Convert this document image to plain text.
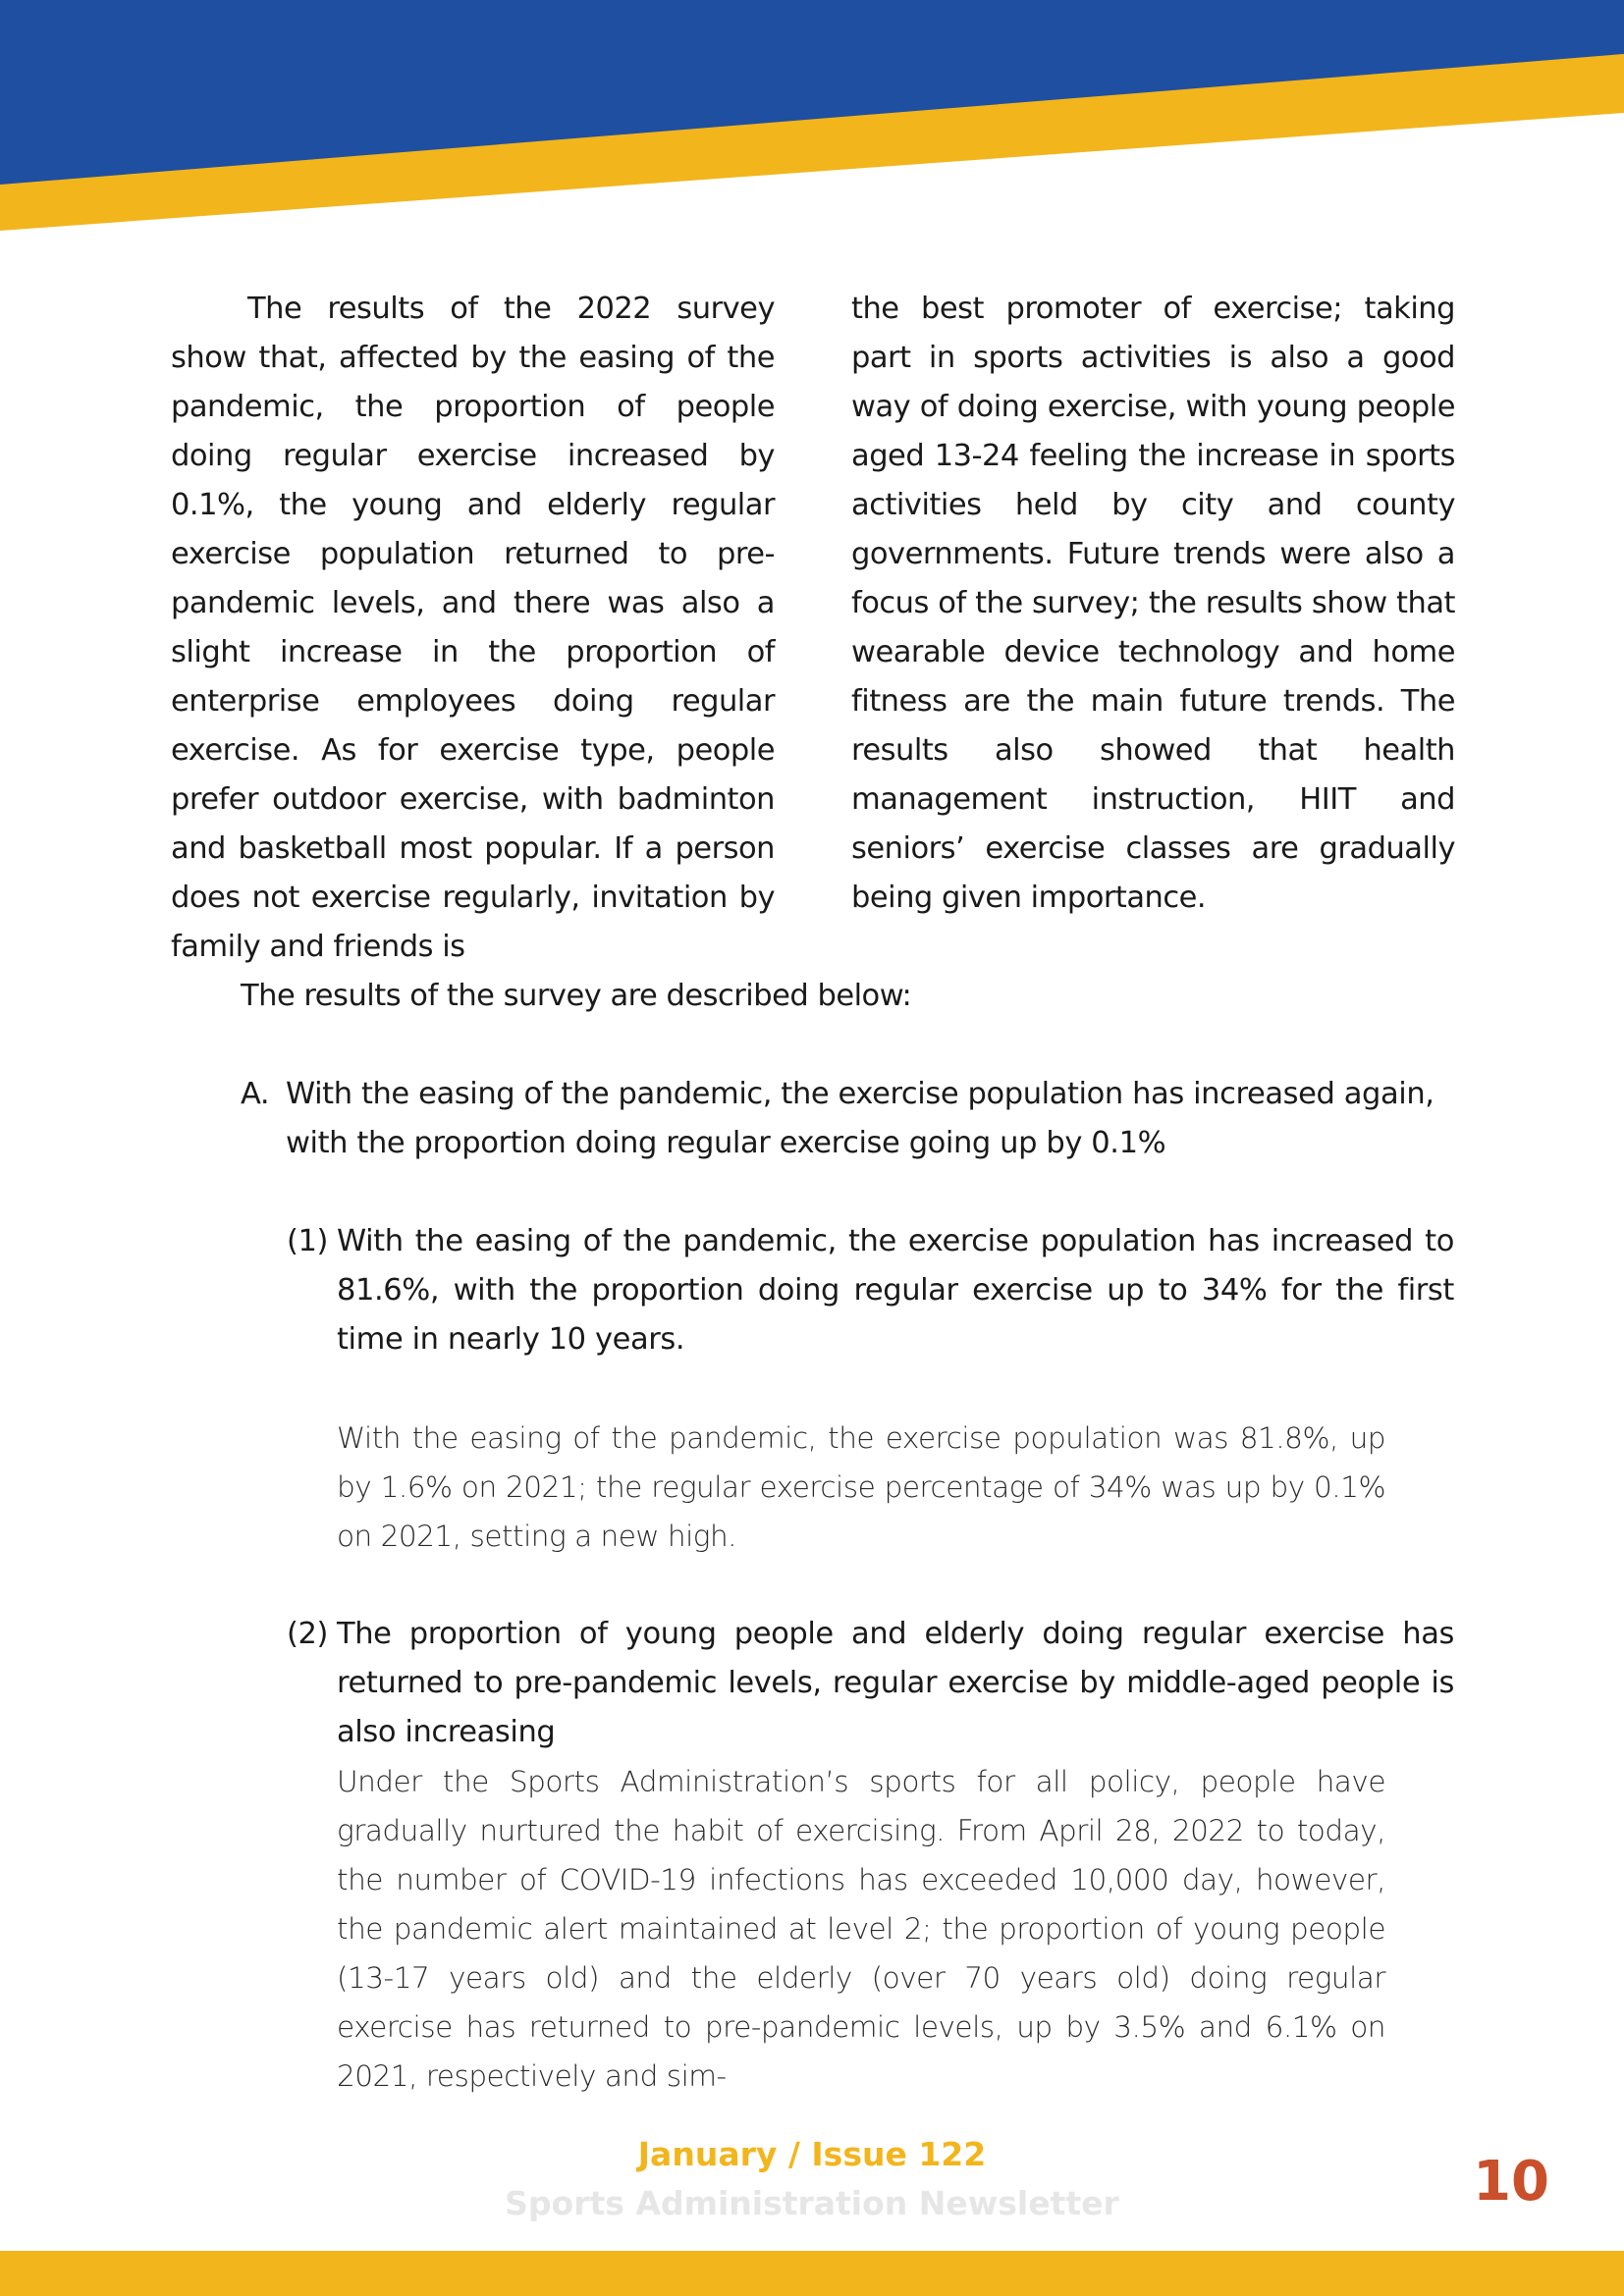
The results of the 2022 survey show that, affected by the easing of the pandemic, the proportion of people doing regular exercise increased by 0.1%, the young and elderly regular exercise population returned to pre-pandemic levels, and there was also a slight increase in the proportion of enterprise employees doing regular exercise. As for exercise type, people prefer outdoor exercise, with badminton and basketball most popular. If a person does not exercise regularly, invitation by family and friends is
the best promoter of exercise; taking part in sports activities is also a good way of doing exercise, with young people aged 13-24 feeling the increase in sports activities held by city and county governments. Future trends were also a focus of the survey; the results show that wearable device technology and home fitness are the main future trends. The results also showed that health management instruction, HIIT and seniors’ exercise classes are gradually being given importance.
The results of the survey are described below:
A. With the easing of the pandemic, the exercise population has increased again, with the proportion doing regular exercise going up by 0.1%
(1) With the easing of the pandemic, the exercise population has increased to 81.6%, with the proportion doing regular exercise up to 34% for the first time in nearly 10 years.
With the easing of the pandemic, the exercise population was 81.8%, up by 1.6% on 2021; the regular exercise percentage of 34% was up by 0.1% on 2021, setting a new high.
(2) The proportion of young people and elderly doing regular exercise has returned to pre-pandemic levels, regular exercise by middle-aged people is also increasing
Under the Sports Administration’s sports for all policy, people have gradually nurtured the habit of exercising. From April 28, 2022 to today, the number of COVID-19 infections has exceeded 10,000 day, however, the pandemic alert maintained at level 2; the proportion of young people (13-17 years old) and the elderly (over 70 years old) doing regular exercise has returned to pre-pandemic levels, up by 3.5% and 6.1% on 2021, respectively and sim-
January / Issue 122
Sports Administration Newsletter	10
